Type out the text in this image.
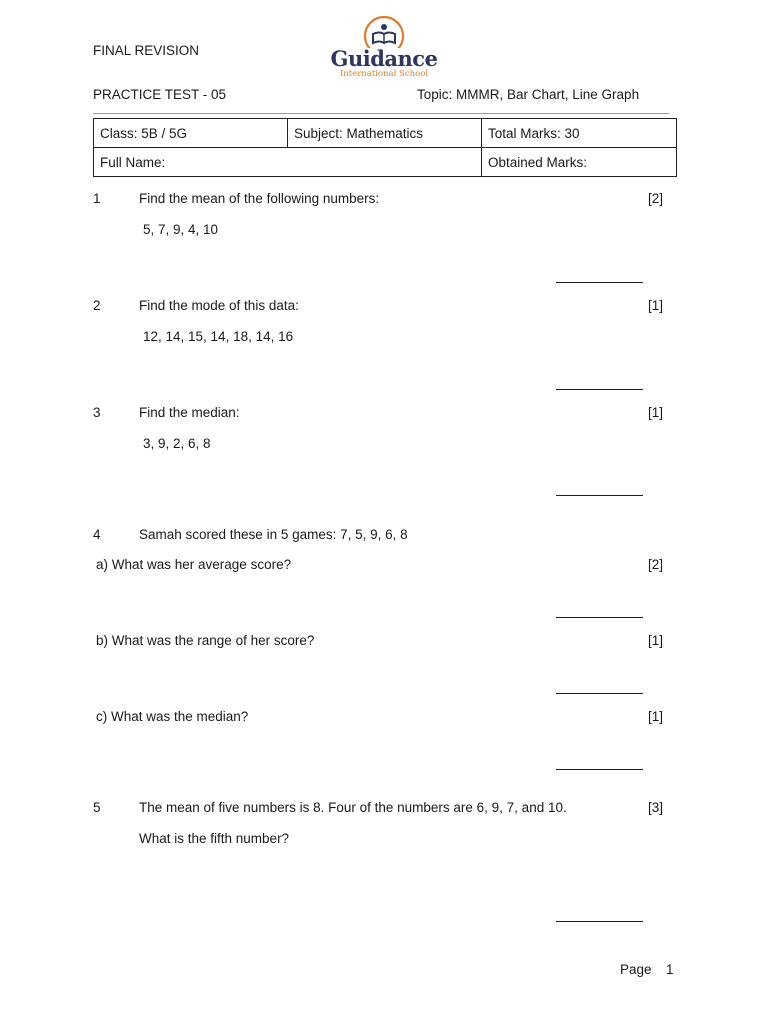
FINAL REVISION	Guidance
International School
PRACTICE TEST - 05	Topic: MMMR, Bar Chart, Line Graph
Class: 5B / 5G	Subject: Mathematics	Total Marks: 30
Full Name:		Obtained Marks:
1	Find the mean of the following numbers:	[2]
5, 7, 9, 4, 10
2	Find the mode of this data:	[1]
12, 14, 15, 14, 18, 14, 16
3	Find the median:	[1]
3, 9, 2, 6, 8
4	Samah scored these in 5 games: 7, 5, 9, 6, 8
a) What was her average score?	[2]
b) What was the range of her score?	[1]
c) What was the median?	[1]
5	The mean of five numbers is 8. Four of the numbers are 6, 9, 7, and 10.	[3]
What is the fifth number?
Page 1
